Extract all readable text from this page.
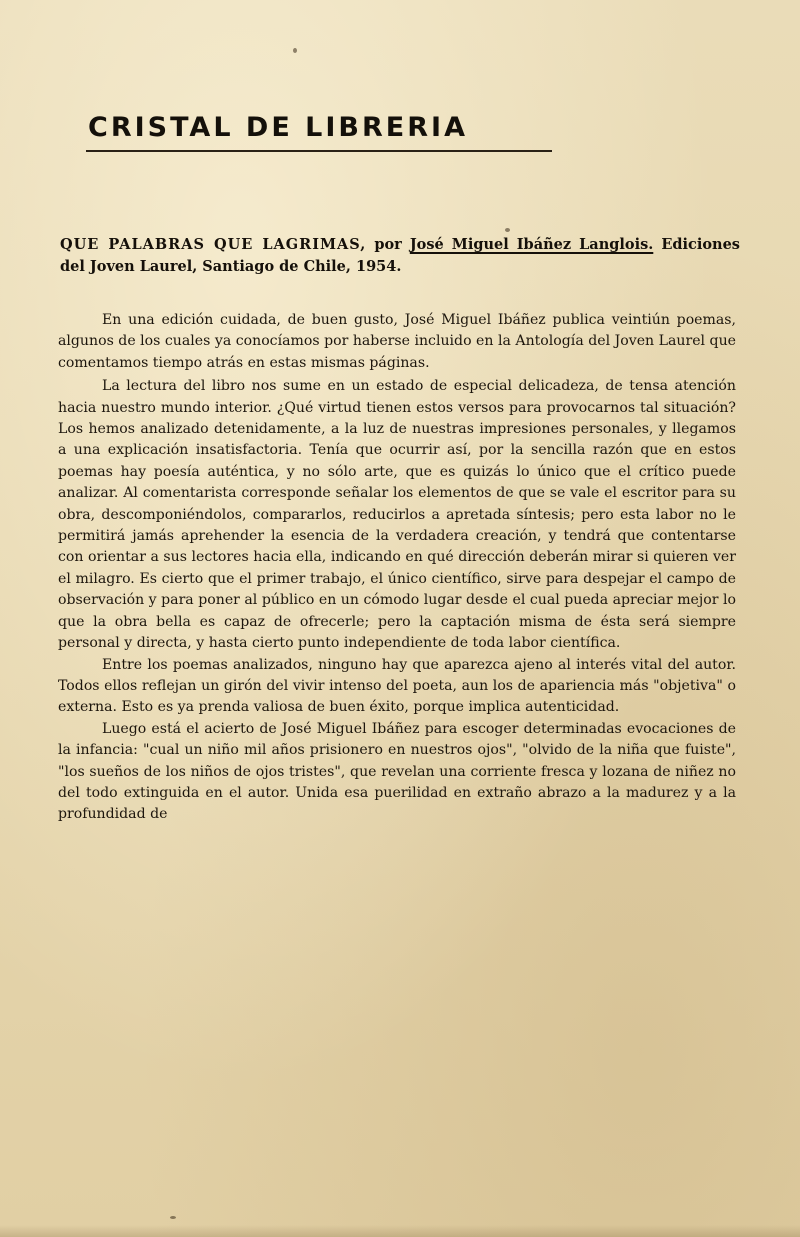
CRISTAL DE LIBRERIA
QUE PALABRAS QUE LAGRIMAS, por José Miguel Ibáñez Langlois. Ediciones del Joven Laurel, Santiago de Chile, 1954.

En una edición cuidada, de buen gusto, José Miguel Ibáñez publica veintiún poemas, algunos de los cuales ya conocíamos por haberse incluido en la Antología del Joven Laurel que comentamos tiempo atrás en estas mismas páginas.

La lectura del libro nos sume en un estado de especial delicadeza, de tensa atención hacia nuestro mundo interior. ¿Qué virtud tienen estos versos para provocarnos tal situación? Los hemos analizado detenidamente, a la luz de nuestras impresiones personales, y llegamos a una explicación insatisfactoria. Tenía que ocurrir así, por la sencilla razón que en estos poemas hay poesía auténtica, y no sólo arte, que es quizás lo único que el crítico puede analizar. Al comentarista corresponde señalar los elementos de que se vale el escritor para su obra, descomponiéndolos, compararlos, reducirlos a apretada síntesis; pero esta labor no le permitirá jamás aprehender la esencia de la verdadera creación, y tendrá que contentarse con orientar a sus lectores hacia ella, indicando en qué dirección deberán mirar si quieren ver el milagro. Es cierto que el primer trabajo, el único científico, sirve para despejar el campo de observación y para poner al público en un cómodo lugar desde el cual pueda apreciar mejor lo que la obra bella es capaz de ofrecerle; pero la captación misma de ésta será siempre personal y directa, y hasta cierto punto independiente de toda labor científica.

Entre los poemas analizados, ninguno hay que aparezca ajeno al interés vital del autor. Todos ellos reflejan un girón del vivir intenso del poeta, aun los de apariencia más "objetiva" o externa. Esto es ya prenda valiosa de buen éxito, porque implica autenticidad.

Luego está el acierto de José Miguel Ibáñez para escoger determinadas evocaciones de la infancia: "cual un niño mil años prisionero en nuestros ojos", "olvido de la niña que fuiste", "los sueños de los niños de ojos tristes", que revelan una corriente fresca y lozana de niñez no del todo extinguida en el autor. Unida esa puerilidad en extraño abrazo a la madurez y a la profundidad de
